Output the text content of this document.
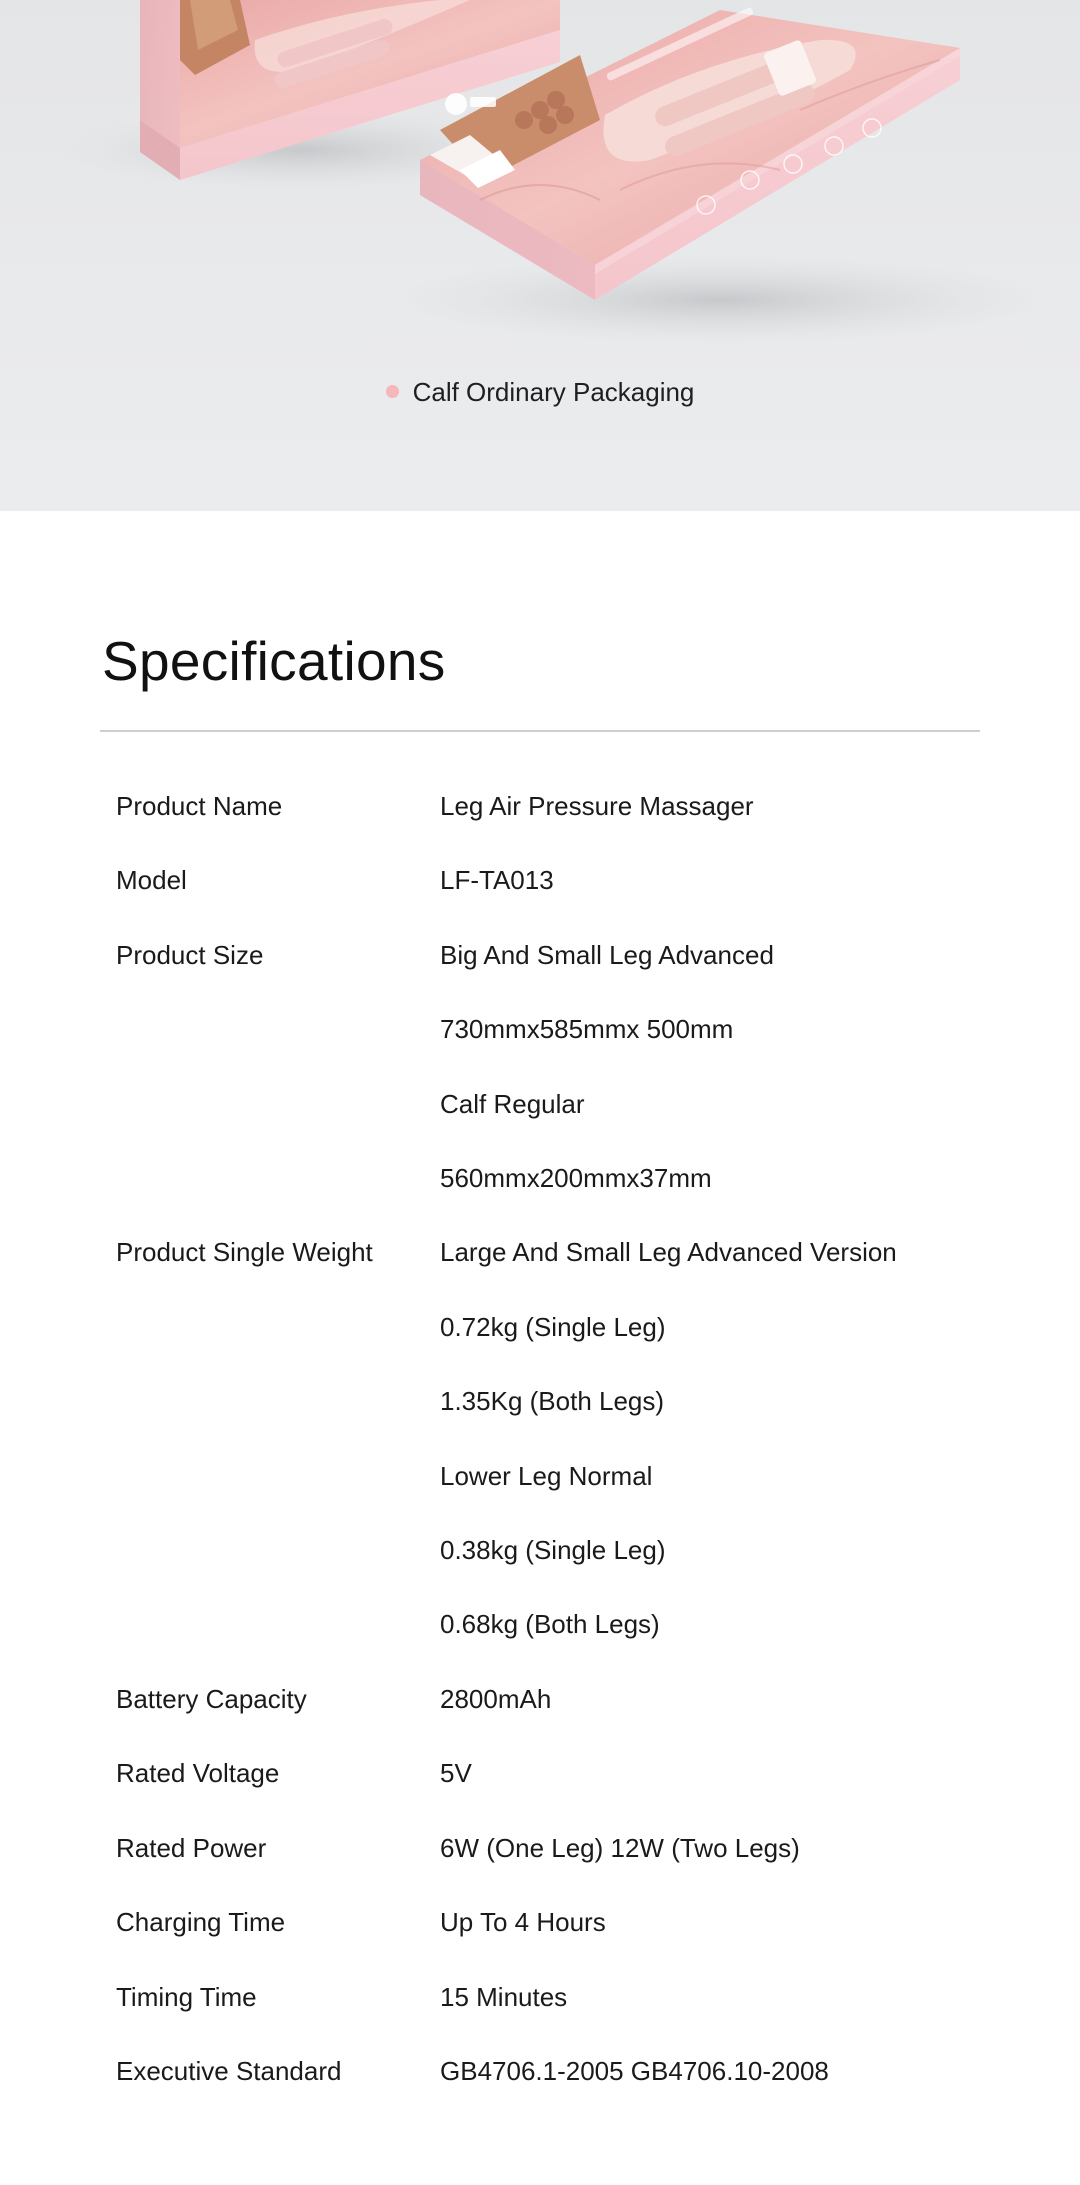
Calf Ordinary Packaging
Specifications
Product Name	Leg Air Pressure Massager
Model	LF-TA013
Product Size	Big And Small Leg Advanced
730mmx585mmx 500mm
Calf Regular
560mmx200mmx37mm
Product Single Weight	Large And Small Leg Advanced Version
0.72kg (Single Leg)
1.35Kg (Both Legs)
Lower Leg Normal
0.38kg (Single Leg)
0.68kg (Both Legs)
Battery Capacity	2800mAh
Rated Voltage	5V
Rated Power	6W (One Leg) 12W (Two Legs)
Charging Time	Up To 4 Hours
Timing Time	15 Minutes
Executive Standard	GB4706.1-2005 GB4706.10-2008
